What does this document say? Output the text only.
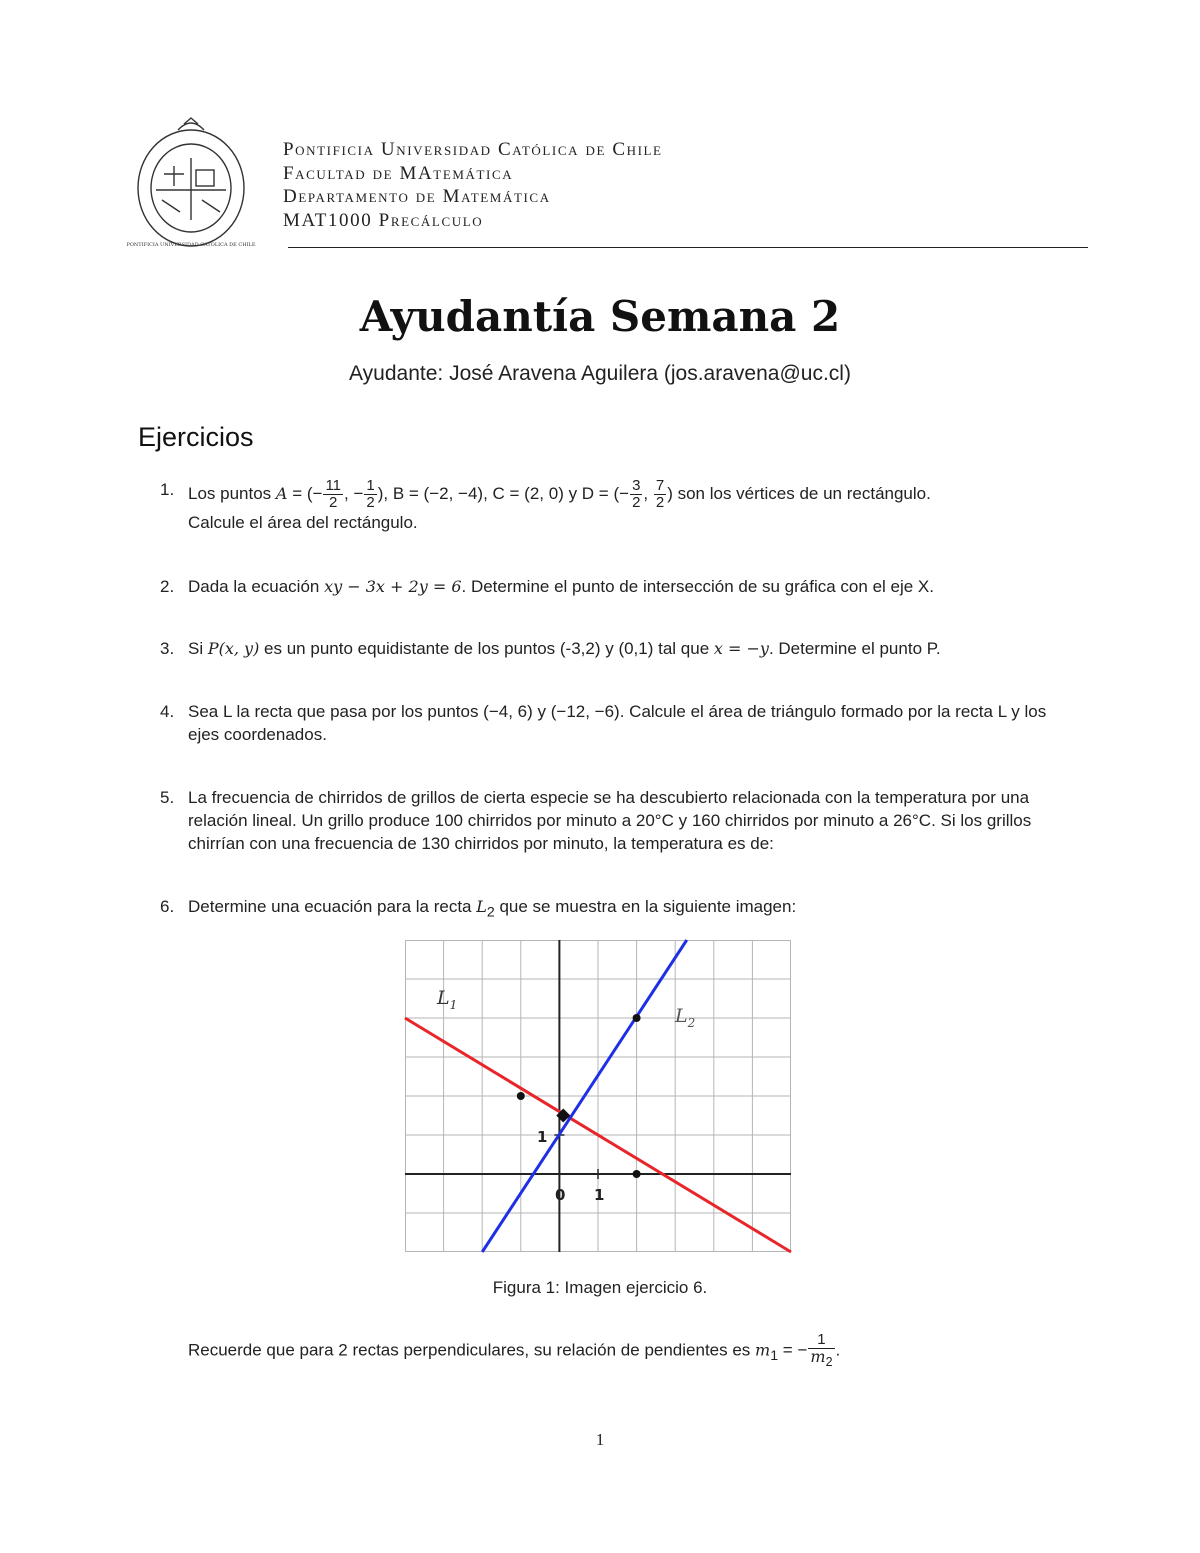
PONTIFICIA UNIVERSIDAD CATOLICA DE CHILE
Pontificia Universidad Católica de Chile
Facultad de MAtemática
Departamento de Matemática
MAT1000 Precálculo
Ayudantía Semana 2
Ayudante: José Aravena Aguilera (jos.aravena@uc.cl)
Ejercicios
1. Los puntos A = (− $\frac{11}{2}$ , − $\frac{1}{2}$ ), B = (−2, −4), C = (2, 0) y D = (− $\frac{3}{2}$ , $\frac{7}{2}$ ) son los vértices de un rectángulo.
Calcule el área del rectángulo.
2. Dada la ecuación xy − 3x + 2y = 6. Determine el punto de intersección de su gráfica con el eje X.
3. Si P(x, y) es un punto equidistante de los puntos (-3,2) y (0,1) tal que x = −y. Determine el punto P.
4. Sea L la recta que pasa por los puntos (−4, 6) y (−12, −6). Calcule el área de triángulo formado por la recta L y los ejes coordenados.
5. La frecuencia de chirridos de grillos de cierta especie se ha descubierto relacionada con la temperatura por una relación lineal. Un grillo produce 100 chirridos por minuto a 20°C y 160 chirridos por minuto a 26°C. Si los grillos chirrían con una frecuencia de 130 chirridos por minuto, la temperatura es de:
6. Determine una ecuación para la recta $L_2$ que se muestra en la siguiente imagen:
$L_1$	$L_2$
1
1
0
Figura 1: Imagen ejercicio 6.
Recuerde que para 2 rectas perpendiculares, su relación de pendientes es $m_1$ = − $\frac{1}{m_2}$ .
1
